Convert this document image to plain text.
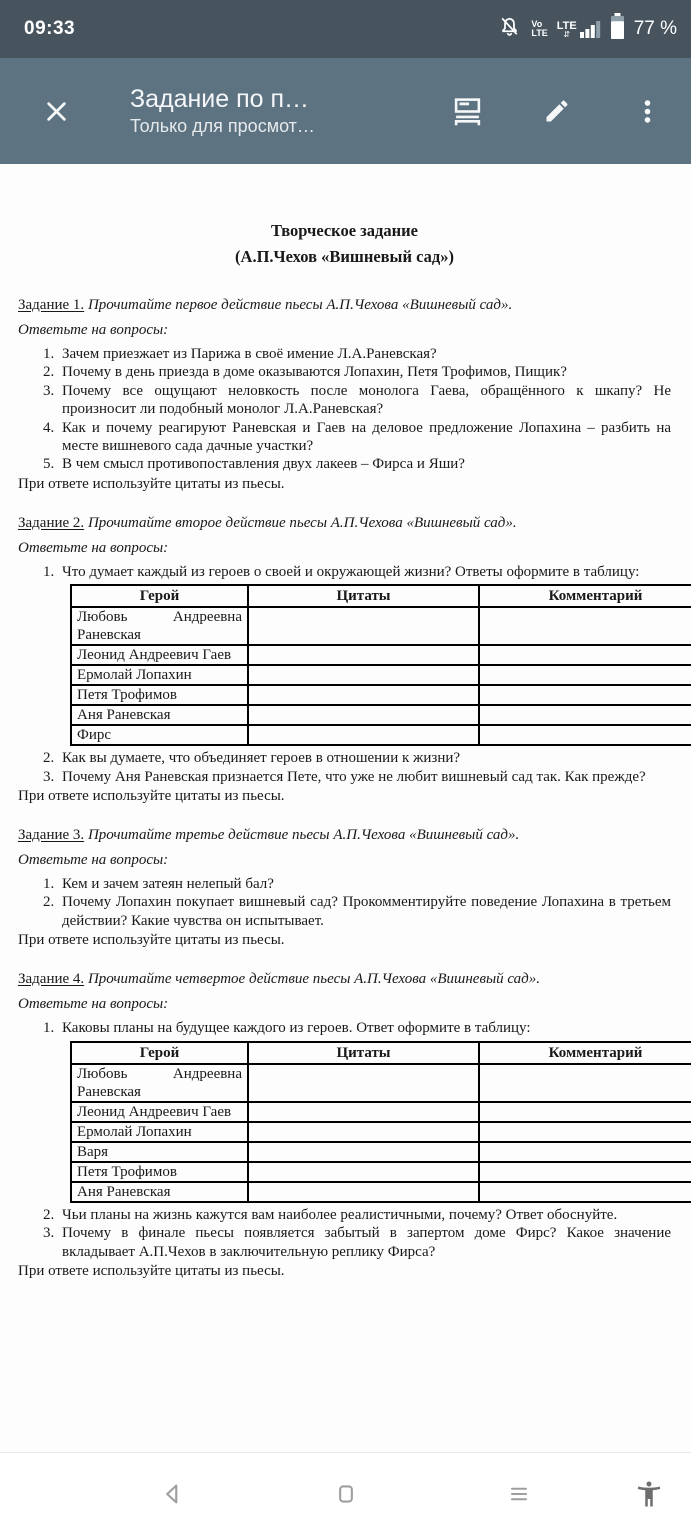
09:33	Vo
LTE
LTE
⇵	77 %
Задание по п…
Только для просмот…
Творческое задание
(А.П.Чехов «Вишневый сад»)

Задание 1. Прочитайте первое действие пьесы А.П.Чехова «Вишневый сад».

Ответьте на вопросы:

1. Зачем приезжает из Парижа в своё имение Л.А.Раневская?
2. Почему в день приезда в доме оказываются Лопахин, Петя Трофимов, Пищик?
3. Почему все ощущают неловкость после монолога Гаева, обращённого к шкапу? Не произносит ли подобный монолог Л.А.Раневская?
4. Как и почему реагируют Раневская и Гаев на деловое предложение Лопахина – разбить на месте вишневого сада дачные участки?
5. В чем смысл противопоставления двух лакеев – Фирса и Яши?

При ответе используйте цитаты из пьесы.

Задание 2. Прочитайте второе действие пьесы А.П.Чехова «Вишневый сад».

Ответьте на вопросы:

1. Что думает каждый из героев о своей и окружающей жизни? Ответы оформите в таблицу:
Герой	Цитаты	Комментарий
Любовь Андреевна Раневская		
Леонид Андреевич Гаев		
Ермолай Лопахин		
Петя Трофимов		
Аня Раневская		
Фирс		
2. Как вы думаете, что объединяет героев в отношении к жизни?
3. Почему Аня Раневская признается Пете, что уже не любит вишневый сад так. Как прежде?

При ответе используйте цитаты из пьесы.

Задание 3. Прочитайте третье действие пьесы А.П.Чехова «Вишневый сад».

Ответьте на вопросы:

1. Кем и зачем затеян нелепый бал?
2. Почему Лопахин покупает вишневый сад? Прокомментируйте поведение Лопахина в третьем действии? Какие чувства он испытывает.

При ответе используйте цитаты из пьесы.

Задание 4. Прочитайте четвертое действие пьесы А.П.Чехова «Вишневый сад».

Ответьте на вопросы:

1. Каковы планы на будущее каждого из героев. Ответ оформите в таблицу:
Герой	Цитаты	Комментарий
Любовь Андреевна Раневская		
Леонид Андреевич Гаев		
Ермолай Лопахин		
Варя		
Петя Трофимов		
Аня Раневская		
2. Чьи планы на жизнь кажутся вам наиболее реалистичными, почему? Ответ обоснуйте.
3. Почему в финале пьесы появляется забытый в запертом доме Фирс? Какое значение вкладывает А.П.Чехов в заключительную реплику Фирса?

При ответе используйте цитаты из пьесы.
